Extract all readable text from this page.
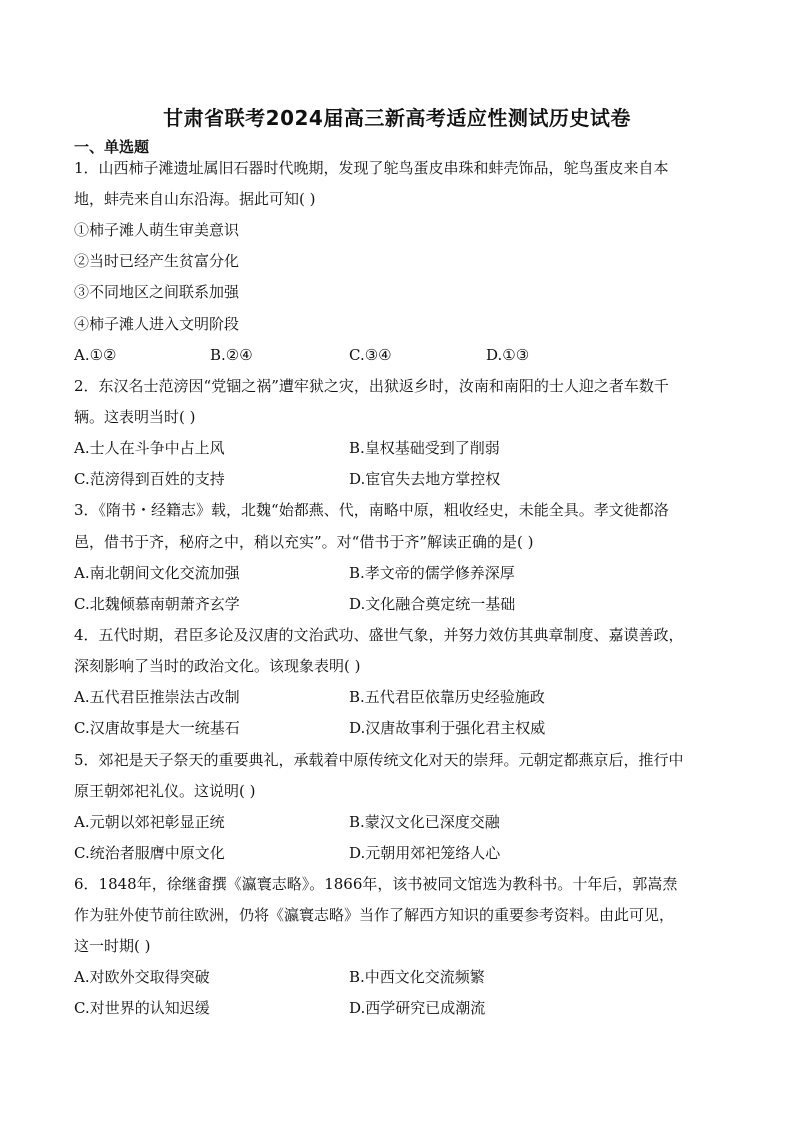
甘肃省联考2024届高三新高考适应性测试历史试卷
一、单选题
1．山西柿子滩遗址属旧石器时代晚期，发现了鸵鸟蛋皮串珠和蚌壳饰品，鸵鸟蛋皮来自本
地，蚌壳来自山东沿海。据此可知( )
①柿子滩人萌生审美意识
②当时已经产生贫富分化
③不同地区之间联系加强
④柿子滩人进入文明阶段
A.①②	B.②④	C.③④	D.①③
2．东汉名士范滂因“党锢之祸”遭牢狱之灾，出狱返乡时，汝南和南阳的士人迎之者车数千
辆。这表明当时( )
A.士人在斗争中占上风	B.皇权基础受到了削弱
C.范滂得到百姓的支持	D.宦官失去地方掌控权
3．《隋书・经籍志》载，北魏“始都燕、代，南略中原，粗收经史，未能全具。孝文徙都洛
邑，借书于齐，秘府之中，稍以充实”。对“借书于齐”解读正确的是( )
A.南北朝间文化交流加强	B.孝文帝的儒学修养深厚
C.北魏倾慕南朝萧齐玄学	D.文化融合奠定统一基础
4．五代时期，君臣多论及汉唐的文治武功、盛世气象，并努力效仿其典章制度、嘉谟善政，
深刻影响了当时的政治文化。该现象表明( )
A.五代君臣推崇法古改制	B.五代君臣依靠历史经验施政
C.汉唐故事是大一统基石	D.汉唐故事利于强化君主权威
5．郊祀是天子祭天的重要典礼，承载着中原传统文化对天的崇拜。元朝定都燕京后，推行中
原王朝郊祀礼仪。这说明( )
A.元朝以郊祀彰显正统	B.蒙汉文化已深度交融
C.统治者服膺中原文化	D.元朝用郊祀笼络人心
6．1848年，徐继畬撰《瀛寰志略》。1866年，该书被同文馆选为教科书。十年后，郭嵩焘
作为驻外使节前往欧洲，仍将《瀛寰志略》当作了解西方知识的重要参考资料。由此可见，
这一时期( )
A.对欧外交取得突破	B.中西文化交流频繁
C.对世界的认知迟缓	D.西学研究已成潮流
